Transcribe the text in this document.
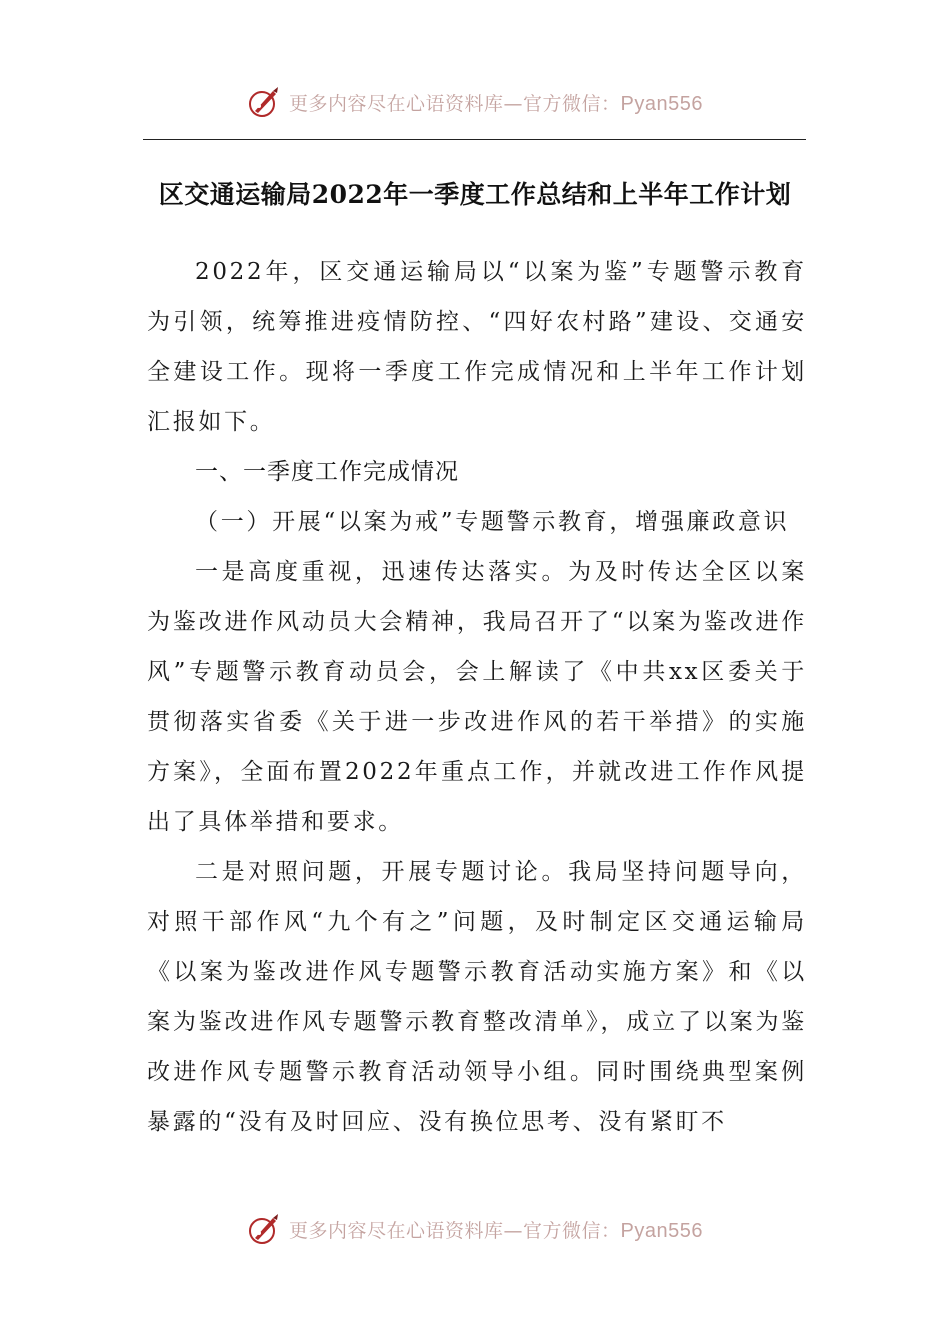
更多内容尽在心语资料库—官方微信：Pyan556
区交通运输局2022年一季度工作总结和上半年工作计划

2022年，区交通运输局以“以案为鉴”专题警示教育为引领，统筹推进疫情防控、“四好农村路”建设、交通安全建设工作。现将一季度工作完成情况和上半年工作计划汇报如下。

一、一季度工作完成情况

（一）开展“以案为戒”专题警示教育，增强廉政意识

一是高度重视，迅速传达落实。为及时传达全区以案为鉴改进作风动员大会精神，我局召开了“以案为鉴改进作风”专题警示教育动员会，会上解读了《中共xx区委关于贯彻落实省委《关于进一步改进作风的若干举措》的实施方案》，全面布置2022年重点工作，并就改进工作作风提出了具体举措和要求。

二是对照问题，开展专题讨论。我局坚持问题导向，对照干部作风“九个有之”问题，及时制定区交通运输局《以案为鉴改进作风专题警示教育活动实施方案》和《以案为鉴改进作风专题警示教育整改清单》，成立了以案为鉴改进作风专题警示教育活动领导小组。同时围绕典型案例暴露的“没有及时回应、没有换位思考、没有紧盯不

更多内容尽在心语资料库—官方微信：Pyan556
